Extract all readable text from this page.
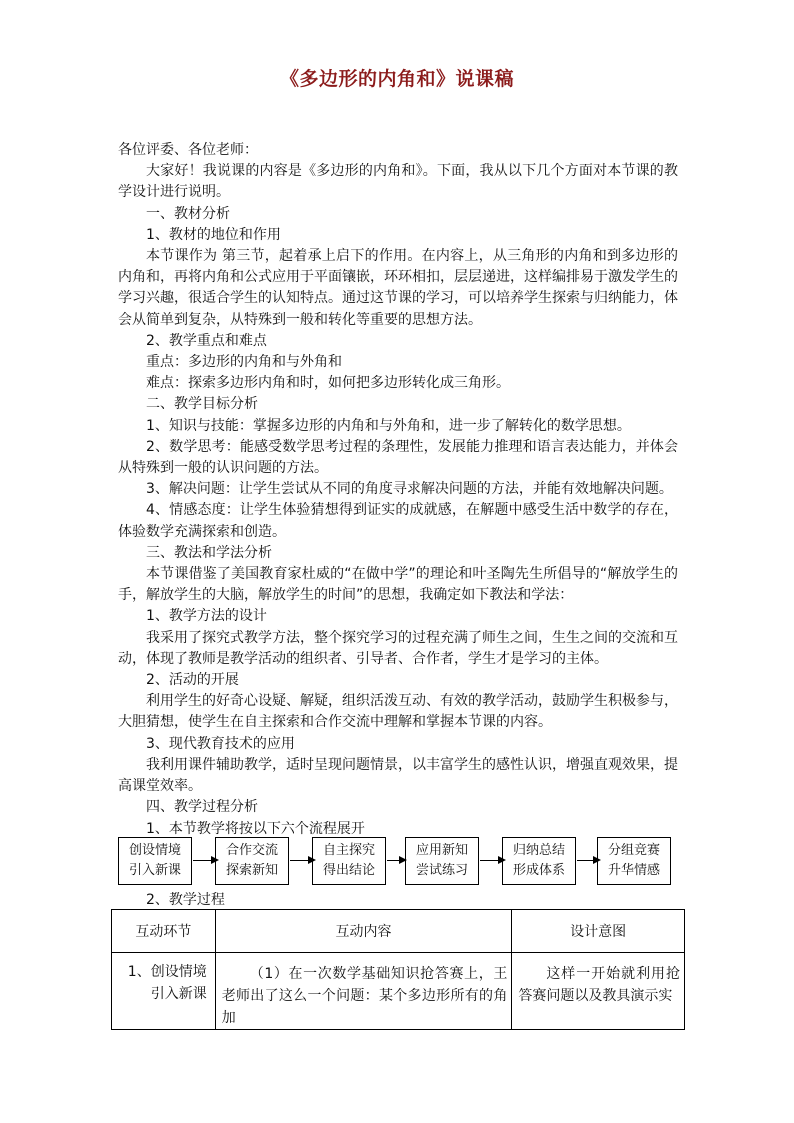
《多边形的内角和》说课稿

各位评委、各位老师：

大家好！我说课的内容是《多边形的内角和》。下面，我从以下几个方面对本节课的教学设计进行说明。

一、教材分析

1、教材的地位和作用

本节课作为 第三节，起着承上启下的作用。在内容上，从三角形的内角和到多边形的内角和，再将内角和公式应用于平面镶嵌，环环相扣，层层递进，这样编排易于激发学生的学习兴趣，很适合学生的认知特点。通过这节课的学习，可以培养学生探索与归纳能力，体会从简单到复杂，从特殊到一般和转化等重要的思想方法。

2、教学重点和难点

重点：多边形的内角和与外角和

难点：探索多边形内角和时，如何把多边形转化成三角形。

二、教学目标分析

1、知识与技能：掌握多边形的内角和与外角和，进一步了解转化的数学思想。

2、数学思考：能感受数学思考过程的条理性，发展能力推理和语言表达能力，并体会从特殊到一般的认识问题的方法。

3、解决问题：让学生尝试从不同的角度寻求解决问题的方法，并能有效地解决问题。

4、情感态度：让学生体验猜想得到证实的成就感，在解题中感受生活中数学的存在，体验数学充满探索和创造。

三、教法和学法分析

本节课借鉴了美国教育家杜威的“在做中学”的理论和叶圣陶先生所倡导的“解放学生的手，解放学生的大脑，解放学生的时间”的思想，我确定如下教法和学法：

1、教学方法的设计

我采用了探究式教学方法，整个探究学习的过程充满了师生之间，生生之间的交流和互动，体现了教师是教学活动的组织者、引导者、合作者，学生才是学习的主体。

2、活动的开展

利用学生的好奇心设疑、解疑，组织活泼互动、有效的教学活动，鼓励学生积极参与，大胆猜想，使学生在自主探索和合作交流中理解和掌握本节课的内容。

3、现代教育技术的应用

我利用课件辅助教学，适时呈现问题情景，以丰富学生的感性认识，增强直观效果，提高课堂效率。

四、教学过程分析

1、本节教学将按以下六个流程展开

创设情境
引入新课
合作交流
探索新知
自主探究
得出结论
应用新知
尝试练习
归纳总结
形成体系
分组竞赛
升华情感
2、教学过程
互动环节	互动内容	设计意图

1、创设情境
引入新课	（1）在一次数学基础知识抢答赛上，王老师出了这么一个问题：某个多边形所有的角加	这样一开始就利用抢答赛问题以及教具演示实
